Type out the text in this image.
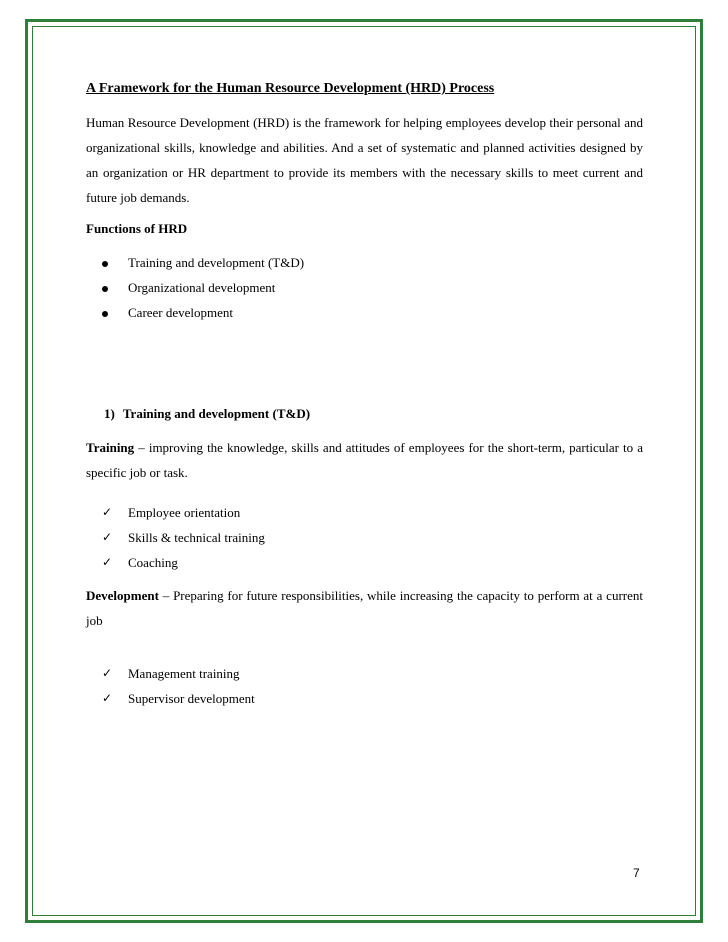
A Framework for the Human Resource Development (HRD) Process

Human Resource Development (HRD) is the framework for helping employees develop their personal and organizational skills, knowledge and abilities. And a set of systematic and planned activities designed by an organization or HR department to provide its members with the necessary skills to meet current and future job demands.

Functions of HRD

Training and development (T&D)
Organizational development
Career development

1) Training and development (T&D)

Training – improving the knowledge, skills and attitudes of employees for the short-term, particular to a specific job or task.

✓ Employee orientation
✓ Skills & technical training
✓ Coaching

Development – Preparing for future responsibilities, while increasing the capacity to perform at a current job

✓ Management training
✓ Supervisor development
7
